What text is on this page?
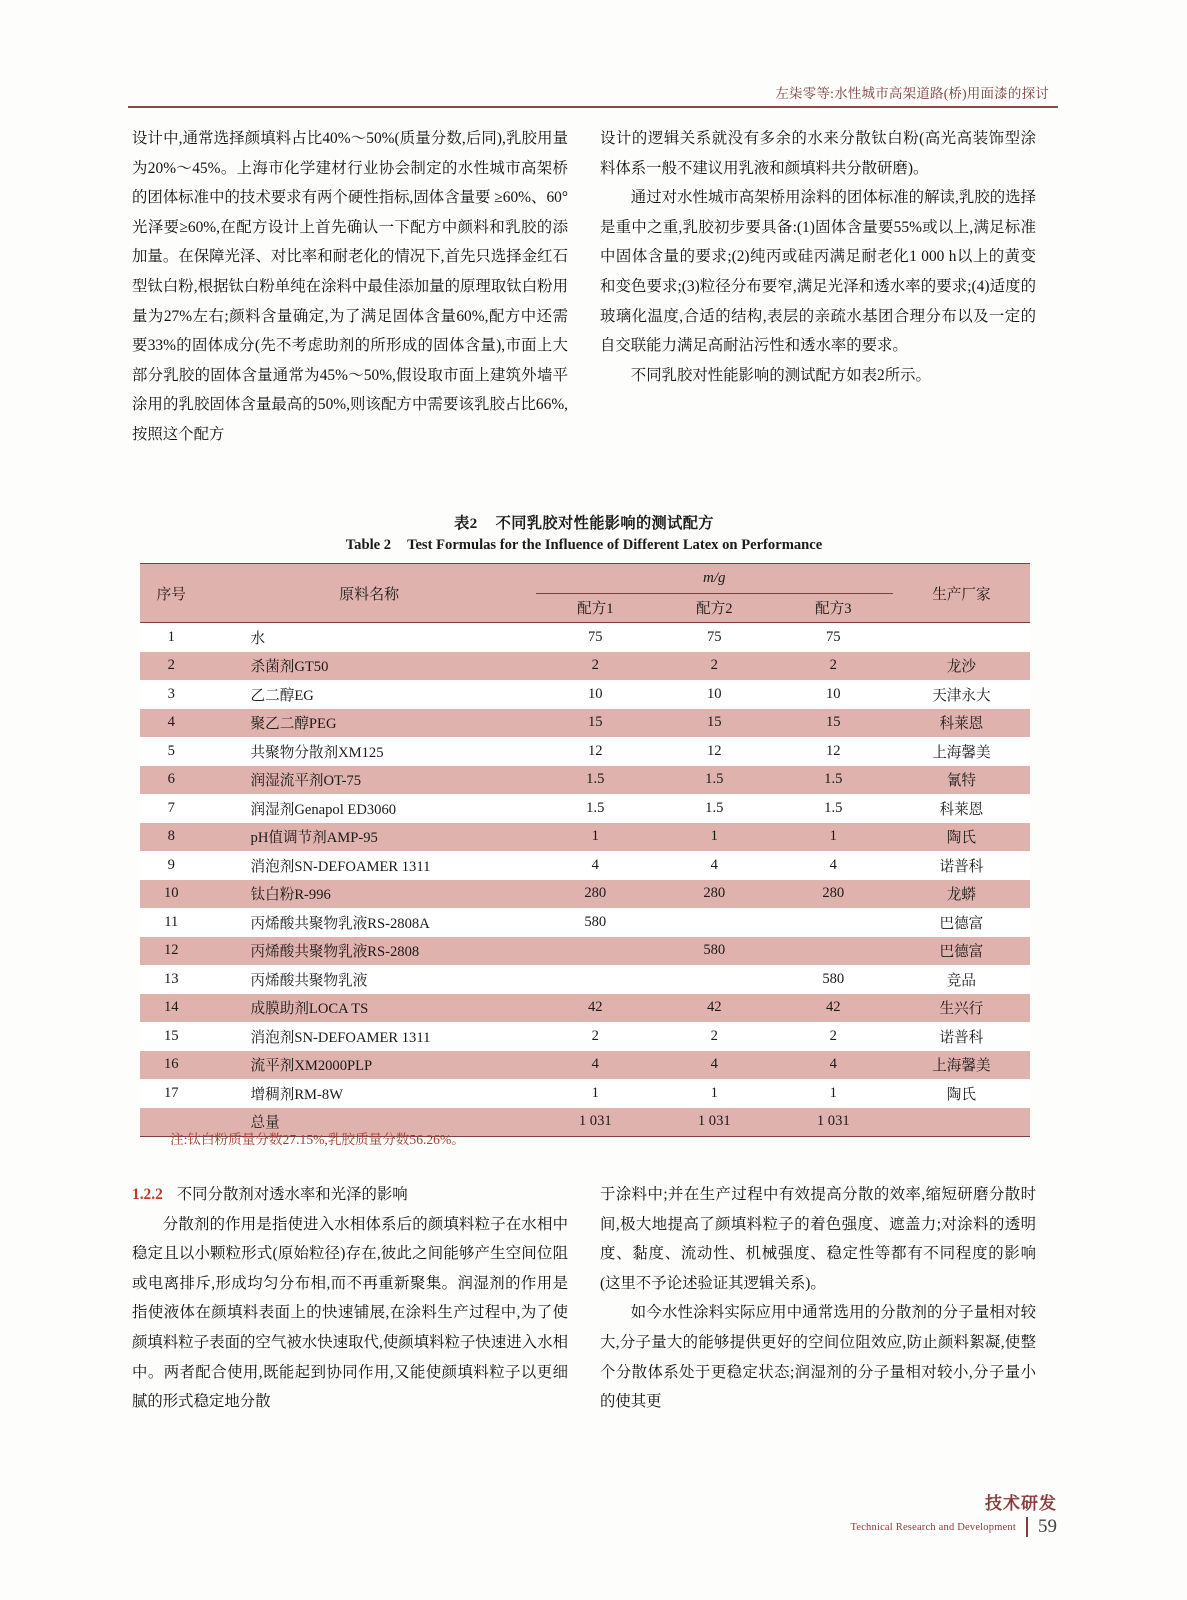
左柒零等:水性城市高架道路(桥)用面漆的探讨

设计中,通常选择颜填料占比40%～50%(质量分数,后同),乳胶用量为20%～45%。上海市化学建材行业协会制定的水性城市高架桥的团体标准中的技术要求有两个硬性指标,固体含量要 ≥60%、60°光泽要≥60%,在配方设计上首先确认一下配方中颜料和乳胶的添加量。在保障光泽、对比率和耐老化的情况下,首先只选择金红石型钛白粉,根据钛白粉单纯在涂料中最佳添加量的原理取钛白粉用量为27%左右;颜料含量确定,为了满足固体含量60%,配方中还需要33%的固体成分(先不考虑助剂的所形成的固体含量),市面上大部分乳胶的固体含量通常为45%～50%,假设取市面上建筑外墙平涂用的乳胶固体含量最高的50%,则该配方中需要该乳胶占比66%,按照这个配方

设计的逻辑关系就没有多余的水来分散钛白粉(高光高装饰型涂料体系一般不建议用乳液和颜填料共分散研磨)。

通过对水性城市高架桥用涂料的团体标准的解读,乳胶的选择是重中之重,乳胶初步要具备:(1)固体含量要55%或以上,满足标准中固体含量的要求;(2)纯丙或硅丙满足耐老化1 000 h以上的黄变和变色要求;(3)粒径分布要窄,满足光泽和透水率的要求;(4)适度的玻璃化温度,合适的结构,表层的亲疏水基团合理分布以及一定的自交联能力满足高耐沾污性和透水率的要求。

不同乳胶对性能影响的测试配方如表2所示。

表2 不同乳胶对性能影响的测试配方
Table 2 Test Formulas for the Influence of Different Latex on Performance
序号	原料名称	m/g			生产厂家
		配方1	配方2	配方3	
1	水	75	75	75	
2	杀菌剂GT50	2	2	2	龙沙
3	乙二醇EG	10	10	10	天津永大
4	聚乙二醇PEG	15	15	15	科莱恩
5	共聚物分散剂XM125	12	12	12	上海馨美
6	润湿流平剂OT-75	1.5	1.5	1.5	氰特
7	润湿剂Genapol ED3060	1.5	1.5	1.5	科莱恩
8	pH值调节剂AMP-95	1	1	1	陶氏
9	消泡剂SN-DEFOAMER 1311	4	4	4	诺普科
10	钛白粉R-996	280	280	280	龙蟒
11	丙烯酸共聚物乳液RS-2808A	580			巴德富
12	丙烯酸共聚物乳液RS-2808		580		巴德富
13	丙烯酸共聚物乳液			580	竞品
14	成膜助剂LOCA TS	42	42	42	生兴行
15	消泡剂SN-DEFOAMER 1311	2	2	2	诺普科
16	流平剂XM2000PLP	4	4	4	上海馨美
17	增稠剂RM-8W	1	1	1	陶氏
	总量	1 031	1 031	1 031	
注:钛白粉质量分数27.15%,乳胶质量分数56.26%。

1.2.2 不同分散剂对透水率和光泽的影响

分散剂的作用是指使进入水相体系后的颜填料粒子在水相中稳定且以小颗粒形式(原始粒径)存在,彼此之间能够产生空间位阻或电离排斥,形成均匀分布相,而不再重新聚集。润湿剂的作用是指使液体在颜填料表面上的快速铺展,在涂料生产过程中,为了使颜填料粒子表面的空气被水快速取代,使颜填料粒子快速进入水相中。两者配合使用,既能起到协同作用,又能使颜填料粒子以更细腻的形式稳定地分散

于涂料中;并在生产过程中有效提高分散的效率,缩短研磨分散时间,极大地提高了颜填料粒子的着色强度、遮盖力;对涂料的透明度、黏度、流动性、机械强度、稳定性等都有不同程度的影响(这里不予论述验证其逻辑关系)。

如今水性涂料实际应用中通常选用的分散剂的分子量相对较大,分子量大的能够提供更好的空间位阻效应,防止颜料絮凝,使整个分散体系处于更稳定状态;润湿剂的分子量相对较小,分子量小的使其更

技术研发
Technical Research and Development 59
